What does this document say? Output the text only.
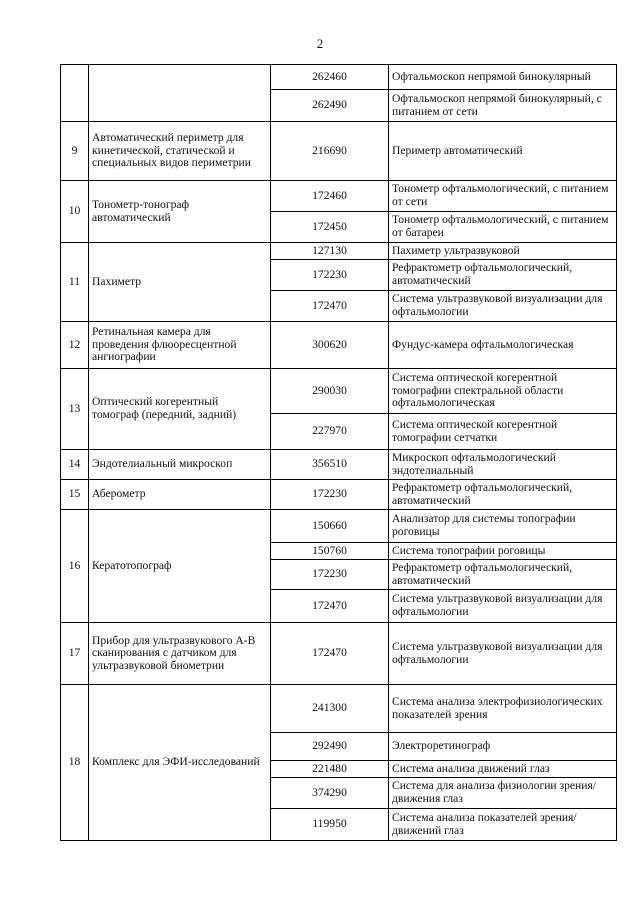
2
		262460	Офтальмоскоп непрямой бинокулярный
		262490	Офтальмоскоп непрямой бинокулярный, с питанием от сети
9	Автоматический периметр для кинетической, статической и специальных видов периметрии	216690	Периметр автоматический
10	Тонометр-тонограф автоматический	172460	Тонометр офтальмологический, с питанием от сети
		172450	Тонометр офтальмологический, с питанием от батареи
11	Пахиметр	127130	Пахиметр ультразвуковой
		172230	Рефрактометр офтальмологический, автоматический
		172470	Система ультразвуковой визуализации для офтальмологии
12	Ретинальная камера для проведения флюоресцентной ангиографии	300620	Фундус-камера офтальмологическая
13	Оптический когерентный томограф (передний, задний)	290030	Система оптической когерентной томографии спектральной области офтальмологическая
		227970	Система оптической когерентной томографии сетчатки
14	Эндотелиальный микроскоп	356510	Микроскоп офтальмологический эндотелиальный
15	Аберометр	172230	Рефрактометр офтальмологический, автоматический
16	Кератотопограф	150660	Анализатор для системы топографии роговицы
		150760	Система топографии роговицы
		172230	Рефрактометр офтальмологический, автоматический
		172470	Система ультразвуковой визуализации для офтальмологии
17	Прибор для ультразвукового А-В сканирования с датчиком для ультразвуковой биометрии	172470	Система ультразвуковой визуализации для офтальмологии
18	Комплекс для ЭФИ-исследований	241300	Система анализа электрофизиологических показателей зрения
		292490	Электроретинограф
		221480	Система анализа движений глаз
		374290	Система для анализа физиологии зрения/движения глаз
		119950	Система анализа показателей зрения/движений глаз
